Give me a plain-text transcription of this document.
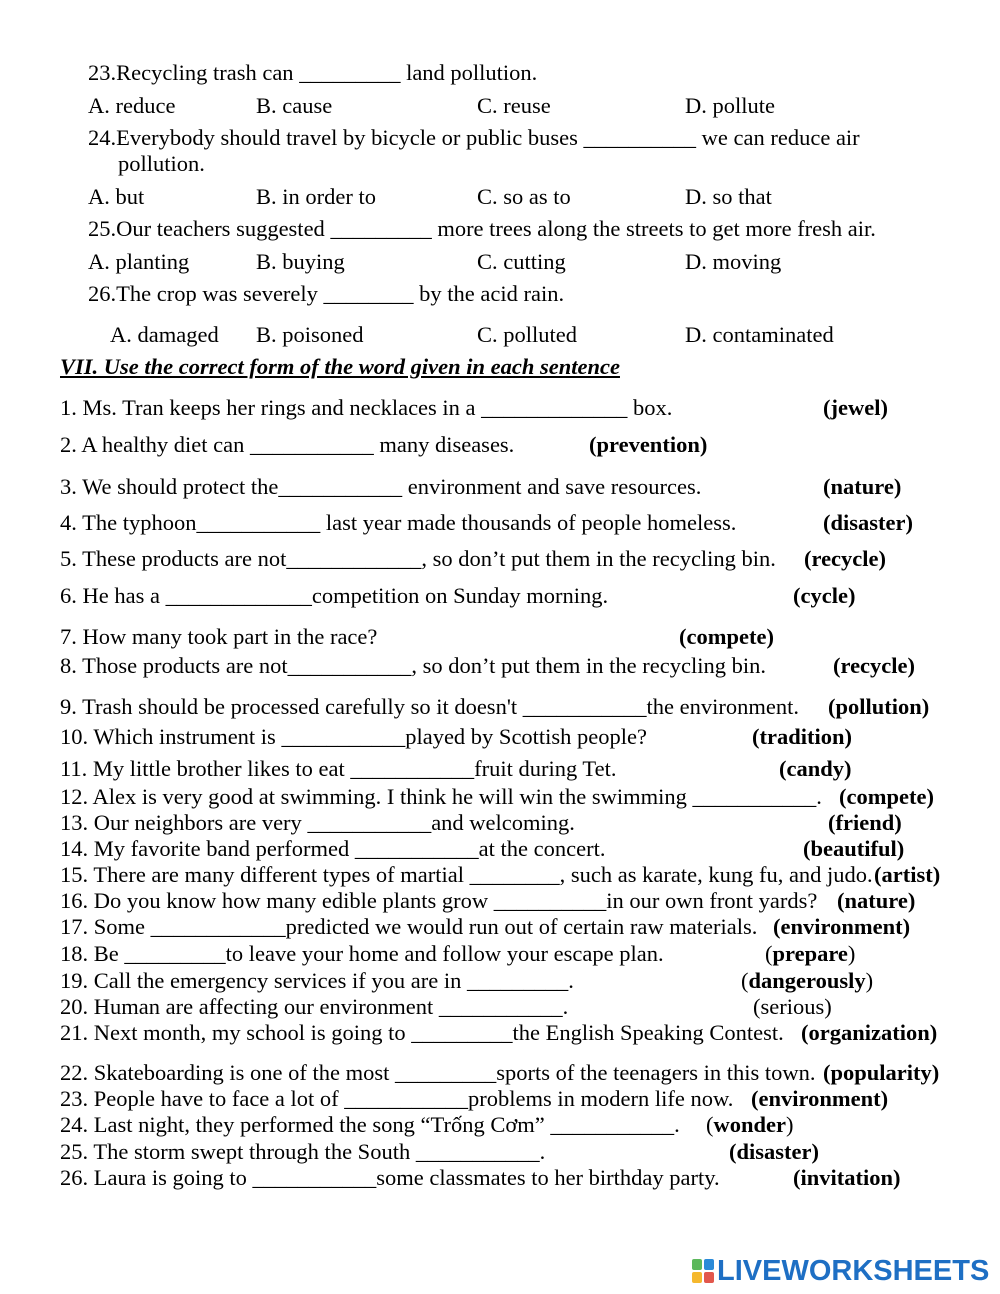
23.Recycling trash can _________ land pollution.
A. reduce	B. cause	C. reuse	D. pollute
24.Everybody should travel by bicycle or public buses __________ we can reduce air
pollution.
A. but	B. in order to	C. so as to	D. so that
25.Our teachers suggested _________ more trees along the streets to get more fresh air.
A. planting	B. buying	C. cutting	D. moving
26.The crop was severely ________ by the acid rain.
A. damaged B. poisoned	C. polluted	D. contaminated
VII. Use the correct form of the word given in each sentence
1. Ms. Tran keeps her rings and necklaces in a _____________ box.	(jewel)
2. A healthy diet can ___________ many diseases.	(prevention)
3. We should protect the___________ environment and save resources.	(nature)
4. The typhoon___________ last year made thousands of people homeless.	(disaster)
5. These products are not____________, so don’t put them in the recycling bin. (recycle)
6. He has a _____________competition on Sunday morning.	(cycle)
7. How many took part in the race?	(compete)
8. Those products are not___________, so don’t put them in the recycling bin.	(recycle)
9. Trash should be processed carefully so it doesn't ___________the environment. (pollution)
10. Which instrument is ___________played by Scottish people?	(tradition)
11. My little brother likes to eat ___________fruit during Tet.	(candy)
12. Alex is very good at swimming. I think he will win the swimming ___________. (compete)
13. Our neighbors are very ___________and welcoming.	(friend)
14. My favorite band performed ___________at the concert.	(beautiful)
15. There are many different types of martial ________, such as karate, kung fu, and judo. (artist)
16. Do you know how many edible plants grow __________in our own front yards? (nature)
17. Some ____________predicted we would run out of certain raw materials. (environment)
18. Be _________to leave your home and follow your escape plan.	(prepare)
19. Call the emergency services if you are in _________.	(dangerously)
20. Human are affecting our environment ___________.	(serious)
21. Next month, my school is going to _________the English Speaking Contest. (organization)
22. Skateboarding is one of the most _________sports of the teenagers in this town. (popularity)
23. People have to face a lot of ___________problems in modern life now. (environment)
24. Last night, they performed the song “Trống Cơm” ___________. (wonder)
25. The storm swept through the South ___________.	(disaster)
26. Laura is going to ___________some classmates to her birthday party.	(invitation)
LIVEWORKSHEETS
